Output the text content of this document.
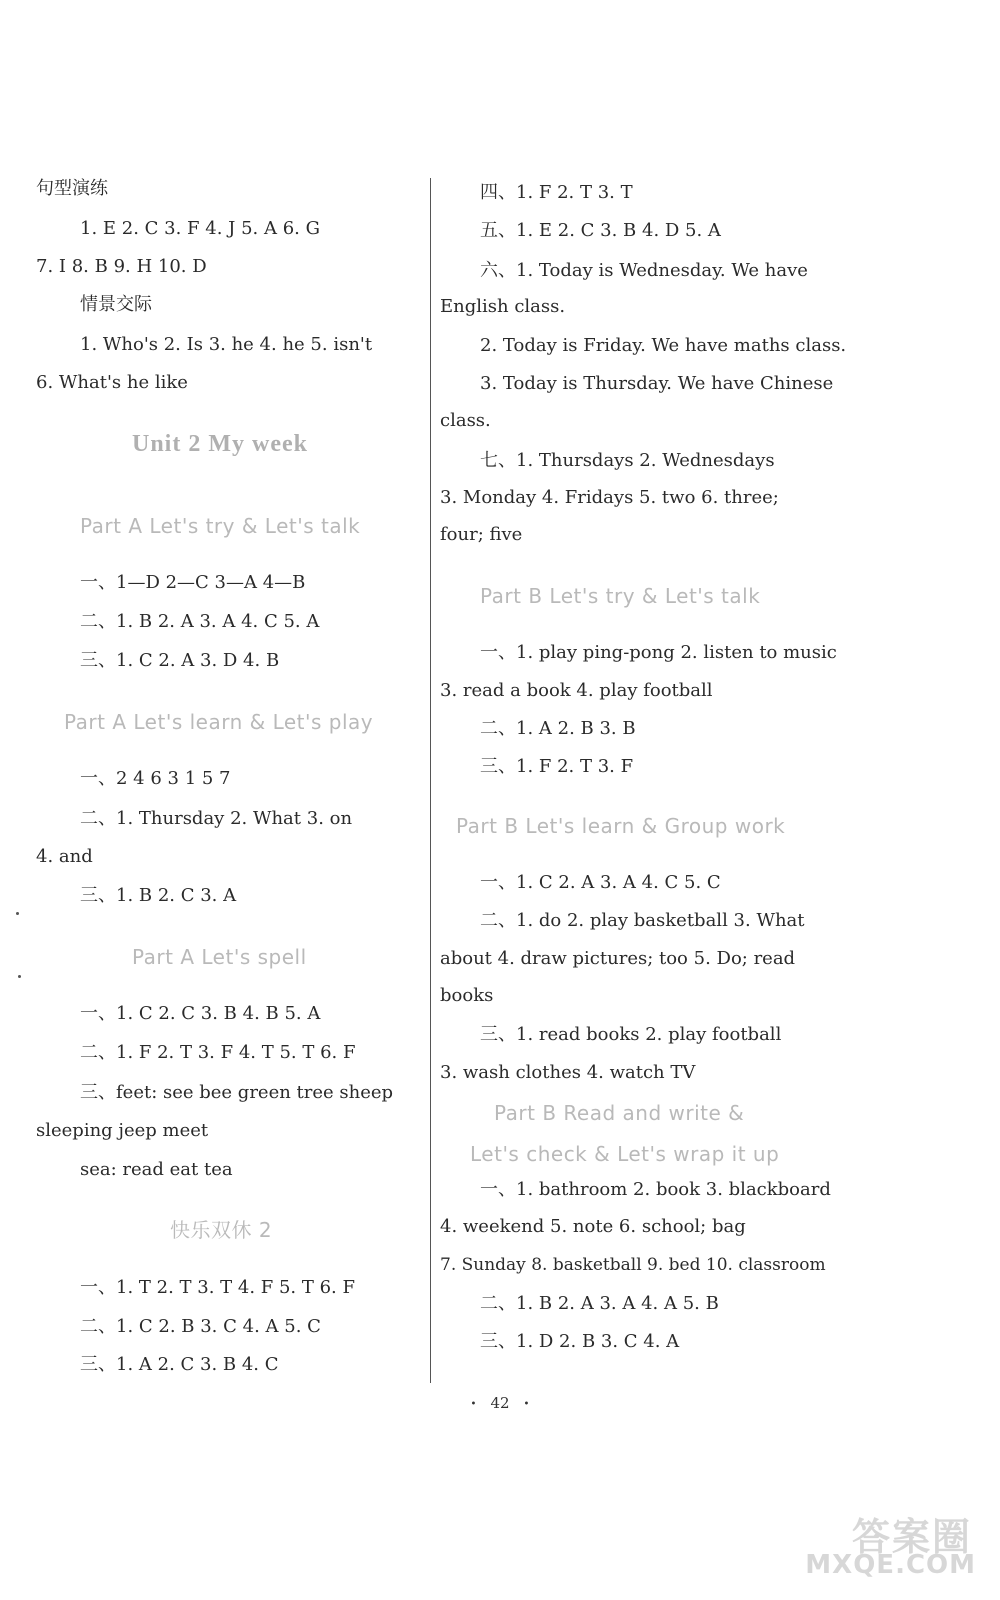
句型演练
1. E 2. C 3. F 4. J 5. A 6. G
7. I 8. B 9. H 10. D
情景交际
1. Who's 2. Is 3. he 4. he 5. isn't
6. What's he like
Unit 2 My week
Part A Let's try & Let's talk
一、1—D 2—C 3—A 4—B
二、1. B 2. A 3. A 4. C 5. A
三、1. C 2. A 3. D 4. B
Part A Let's learn & Let's play
一、2 4 6 3 1 5 7
二、1. Thursday 2. What 3. on
4. and
三、1. B 2. C 3. A
Part A Let's spell
一、1. C 2. C 3. B 4. B 5. A
二、1. F 2. T 3. F 4. T 5. T 6. F
三、feet: see bee green tree sheep
sleeping jeep meet
sea: read eat tea
快乐双休 2
一、1. T 2. T 3. T 4. F 5. T 6. F
二、1. C 2. B 3. C 4. A 5. C
三、1. A 2. C 3. B 4. C
四、1. F 2. T 3. T
五、1. E 2. C 3. B 4. D 5. A
六、1. Today is Wednesday. We have
English class.
2. Today is Friday. We have maths class.
3. Today is Thursday. We have Chinese
class.
七、1. Thursdays 2. Wednesdays
3. Monday 4. Fridays 5. two 6. three;
four; five
Part B Let's try & Let's talk
一、1. play ping-pong 2. listen to music
3. read a book 4. play football
二、1. A 2. B 3. B
三、1. F 2. T 3. F
Part B Let's learn & Group work
一、1. C 2. A 3. A 4. C 5. C
二、1. do 2. play basketball 3. What
about 4. draw pictures; too 5. Do; read
books
三、1. read books 2. play football
3. wash clothes 4. watch TV
Part B Read and write &
Let's check & Let's wrap it up
一、1. bathroom 2. book 3. blackboard
4. weekend 5. note 6. school; bag
7. Sunday 8. basketball 9. bed 10. classroom
二、1. B 2. A 3. A 4. A 5. B
三、1. D 2. B 3. C 4. A
• 42 •
答案圈
MXQE.COM
